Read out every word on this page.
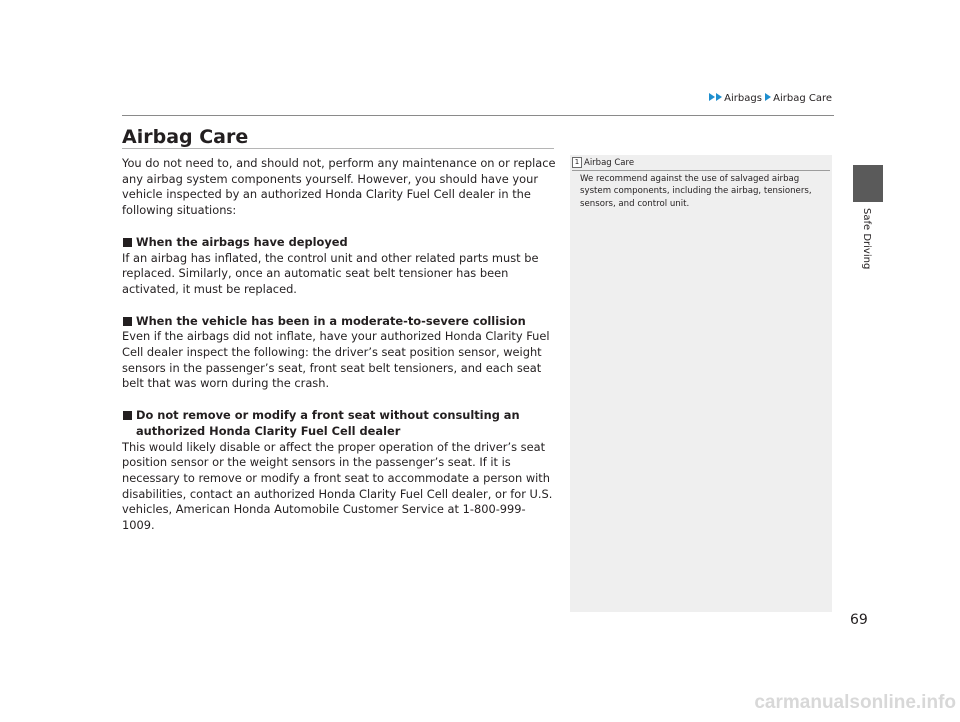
Airbags Airbag Care
Airbag Care

You do not need to, and should not, perform any maintenance on or replace any airbag system components yourself. However, you should have your vehicle inspected by an authorized Honda Clarity Fuel Cell dealer in the following situations:

When the airbags have deployed

If an airbag has inflated, the control unit and other related parts must be replaced. Similarly, once an automatic seat belt tensioner has been activated, it must be replaced.

When the vehicle has been in a moderate-to-severe collision

Even if the airbags did not inflate, have your authorized Honda Clarity Fuel Cell dealer inspect the following: the driver’s seat position sensor, weight sensors in the passenger’s seat, front seat belt tensioners, and each seat belt that was worn during the crash.

Do not remove or modify a front seat without consulting an authorized Honda Clarity Fuel Cell dealer

This would likely disable or affect the proper operation of the driver’s seat position sensor or the weight sensors in the passenger’s seat. If it is necessary to remove or modify a front seat to accommodate a person with disabilities, contact an authorized Honda Clarity Fuel Cell dealer, or for U.S. vehicles, American Honda Automobile Customer Service at 1-800-999-1009.

1 Airbag Care
We recommend against the use of salvaged airbag system components, including the airbag, tensioners, sensors, and control unit.
Safe Driving
69
carmanualsonline.info
